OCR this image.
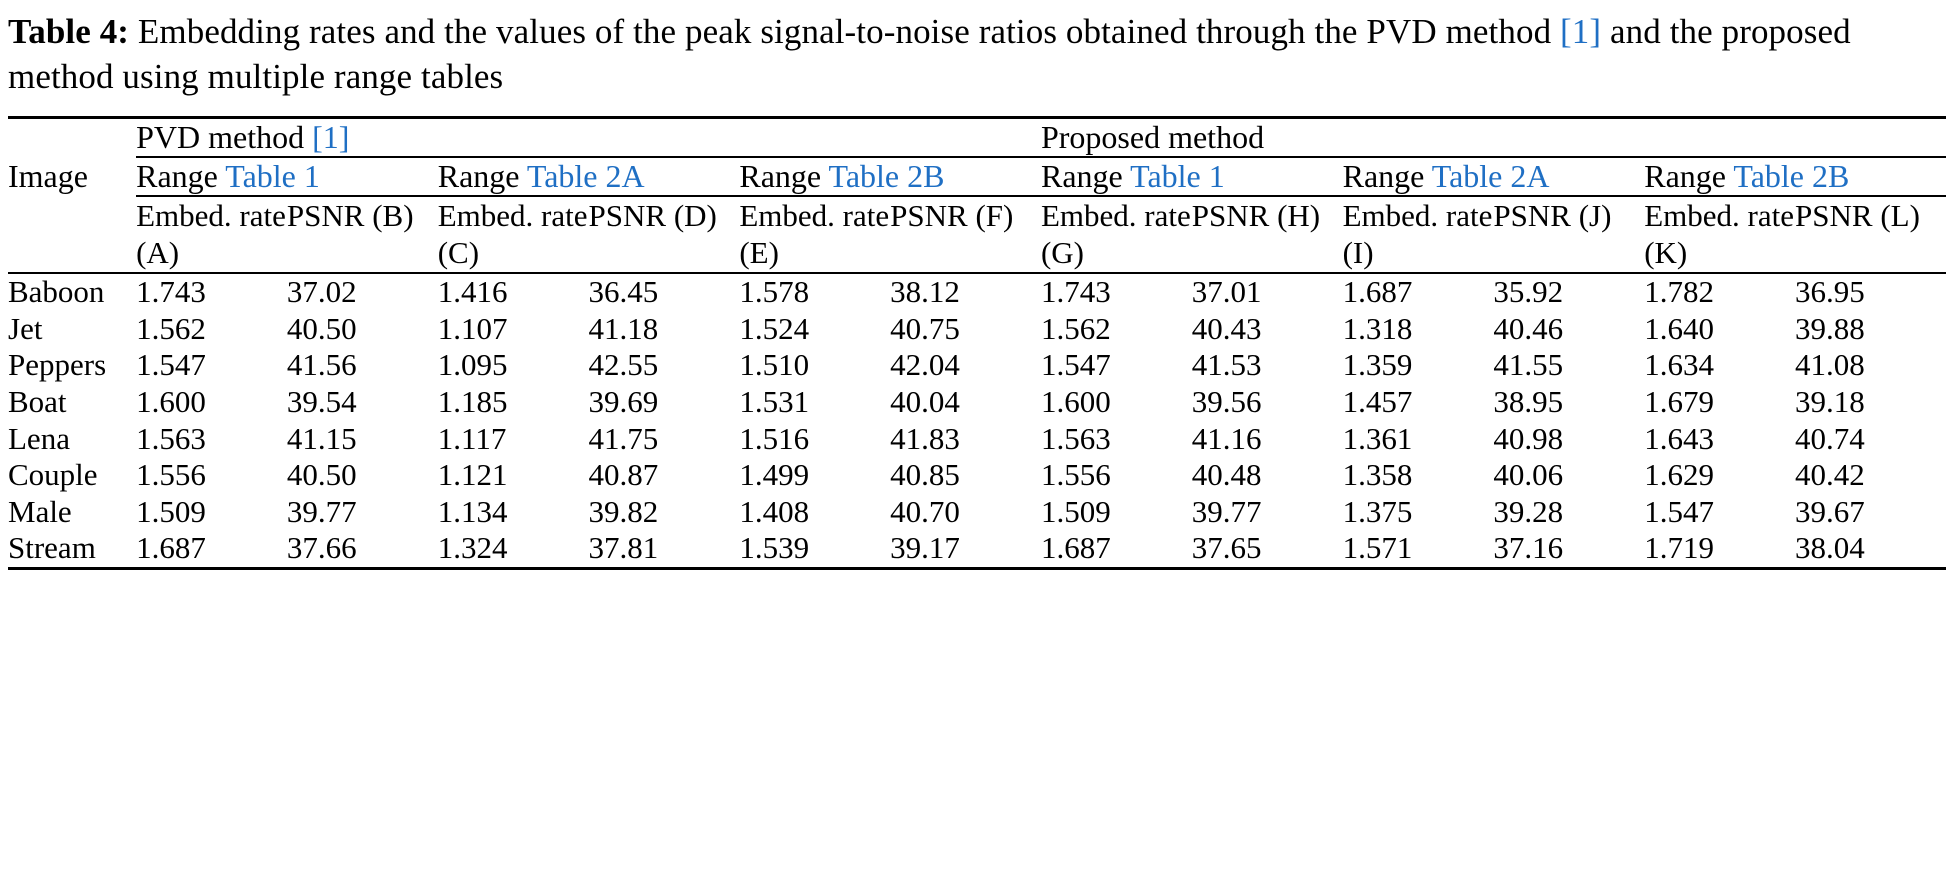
Table 4: Embedding rates and the values of the peak signal-to-noise ratios obtained through the PVD method [1] and the proposed method using multiple range tables

	PVD method [1]						Proposed method					

Image	Range Table 1		Range Table 2A		Range Table 2B		Range Table 1		Range Table 2A		Range Table 2B	

	Embed. rate (A)	PSNR (B)	Embed. rate (C)	PSNR (D)	Embed. rate (E)	PSNR (F)	Embed. rate (G)	PSNR (H)	Embed. rate (I)	PSNR (J)	Embed. rate (K)	PSNR (L)

Baboon	1.743	37.02	1.416	36.45	1.578	38.12	1.743	37.01	1.687	35.92	1.782	36.95
Jet	1.562	40.50	1.107	41.18	1.524	40.75	1.562	40.43	1.318	40.46	1.640	39.88
Peppers	1.547	41.56	1.095	42.55	1.510	42.04	1.547	41.53	1.359	41.55	1.634	41.08
Boat	1.600	39.54	1.185	39.69	1.531	40.04	1.600	39.56	1.457	38.95	1.679	39.18
Lena	1.563	41.15	1.117	41.75	1.516	41.83	1.563	41.16	1.361	40.98	1.643	40.74
Couple	1.556	40.50	1.121	40.87	1.499	40.85	1.556	40.48	1.358	40.06	1.629	40.42
Male	1.509	39.77	1.134	39.82	1.408	40.70	1.509	39.77	1.375	39.28	1.547	39.67
Stream	1.687	37.66	1.324	37.81	1.539	39.17	1.687	37.65	1.571	37.16	1.719	38.04
